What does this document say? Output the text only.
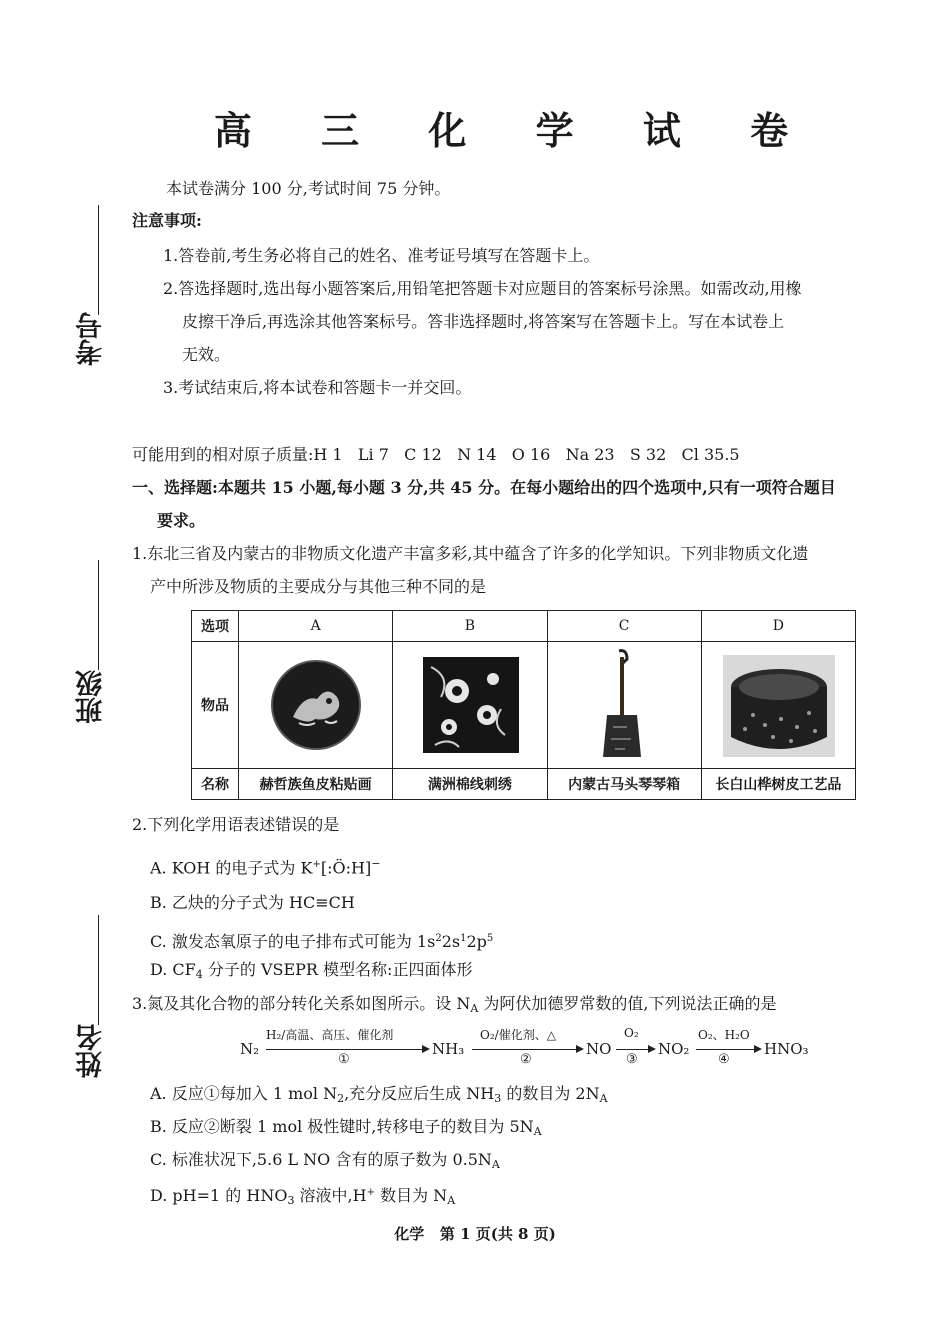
高 三 化 学 试 卷
考号
班级
姓名
本试卷满分 100 分,考试时间 75 分钟。
注意事项:
1.答卷前,考生务必将自己的姓名、准考证号填写在答题卡上。
2.答选择题时,选出每小题答案后,用铅笔把答题卡对应题目的答案标号涂黑。如需改动,用橡
皮擦干净后,再选涂其他答案标号。答非选择题时,将答案写在答题卡上。写在本试卷上
无效。
3.考试结束后,将本试卷和答题卡一并交回。
可能用到的相对原子质量:H 1   Li 7   C 12   N 14   O 16   Na 23   S 32   Cl 35.5
一、选择题:本题共 15 小题,每小题 3 分,共 45 分。在每小题给出的四个选项中,只有一项符合题目
要求。
1.东北三省及内蒙古的非物质文化遗产丰富多彩,其中蕴含了许多的化学知识。下列非物质文化遗
产中所涉及物质的主要成分与其他三种不同的是
选项	A	B	C	D
物品	

名称	赫哲族鱼皮粘贴画	满洲棉线刺绣	内蒙古马头琴琴箱	长白山桦树皮工艺品
2.下列化学用语表述错误的是
A. KOH 的电子式为 K+[:Ö:H]−
B. 乙炔的分子式为 HC≡CH
C. 激发态氧原子的电子排布式可能为 $1s^22s^12p^5$
D. $CF_4$ 分子的 VSEPR 模型名称:正四面体形
3.氮及其化合物的部分转化关系如图所示。设 $N_A$ 为阿伏加德罗常数的值,下列说法正确的是
N₂
H₂/高温、高压、催化剂
①
NH₃
O₂/催化剂、△
②
NO
O₂
③
NO₂
O₂、H₂O
④
HNO₃
A. 反应①每加入 1 mol $N_2$,充分反应后生成 $NH_3$ 的数目为 $2N_A$
B. 反应②断裂 1 mol 极性键时,转移电子的数目为 $5N_A$
C. 标准状况下,5.6 L NO 含有的原子数为 $0.5N_A$
D. pH=1 的 $HNO_3$ 溶液中,H+ 数目为 $N_A$
化学   第 1 页(共 8 页)
